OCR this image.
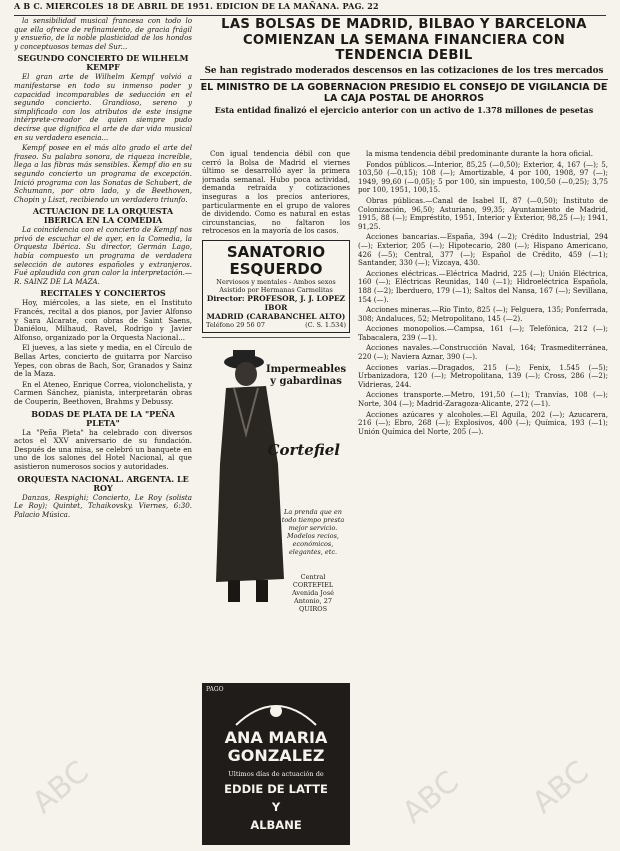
A B C. MIERCOLES 18 DE ABRIL DE 1951. EDICION DE LA MAÑANA. PAG. 22

la sensibilidad musical francesa con todo lo que ella ofrece de refinamiento, de gracia frágil y ensueño, de la noble plasticidad de los hondos y conceptuosos temas del Sur...

SEGUNDO CONCIERTO DE WILHELM KEMPF

El gran arte de Wilhelm Kempf volvió a manifestarse en todo su inmenso poder y capacidad incomparables de seducción en el segundo concierto. Grandioso, sereno y simplificado con los atributos de este insigne intérprete-creador de quien siempre pudo decirse que dignifica el arte de dar vida musical en su verdadera esencia...

Kempf posee en el más alto grado el arte del fraseo. Su palabra sonora, de riqueza increíble, llega a las fibras más sensibles. Kempf dio en su segundo concierto un programa de excepción. Inició programa con las Sonatas de Schubert, de Schumann, por otro lado, y de Beethoven, Chopin y Liszt, recibiendo un verdadero triunfo.

ACTUACION DE LA ORQUESTA IBERICA EN LA COMEDIA

La coincidencia con el concierto de Kempf nos privó de escuchar el de ayer, en la Comedia, la Orquesta Ibérica. Su director, Germán Lago, había compuesto un programa de verdadera selección de autores españoles y extranjeros. Fué aplaudida con gran calor la interpretación.—R. SAINZ DE LA MAZA.

RECITALES Y CONCIERTOS

Hoy, miércoles, a las siete, en el Instituto Francés, recital a dos pianos, por Javier Alfonso y Sara Alcarate, con obras de Saint Saens, Daniélou, Milhaud, Ravel, Rodrigo y Javier Alfonso, organizado por la Orquesta Nacional...

El jueves, a las siete y media, en el Círculo de Bellas Artes, concierto de guitarra por Narciso Yepes, con obras de Bach, Sor, Granados y Sainz de la Maza.

En el Ateneo, Enrique Correa, violonchelista, y Carmen Sánchez, pianista, interpretarán obras de Couperin, Beethoven, Brahms y Debussy.

BODAS DE PLATA DE LA "PEÑA PLETA"

La "Peña Pleta" ha celebrado con diversos actos el XXV aniversario de su fundación. Después de una misa, se celebró un banquete en uno de los salones del Hotel Nacional, al que asistieron numerosos socios y autoridades.

ORQUESTA NACIONAL. ARGENTA. LE ROY

Danzas, Respighi; Concierto, Le Roy (solista Le Roy); Quintet, Tchaikovsky. Viernes, 6:30. Palacio Música.

LAS BOLSAS DE MADRID, BILBAO Y BARCELONA COMIENZAN LA SEMANA FINANCIERA CON TENDENCIA DEBIL
Se han registrado moderados descensos en las cotizaciones de los tres mercados
EL MINISTRO DE LA GOBERNACION PRESIDIO EL CONSEJO DE VIGILANCIA DE LA CAJA POSTAL DE AHORROS
Esta entidad finalizó el ejercicio anterior con un activo de 1.378 millones de pesetas

Con igual tendencia débil con que cerró la Bolsa de Madrid el viernes último se desarrolló ayer la primera jornada semanal. Hubo poca actividad, demanda retraída y cotizaciones inseguras a los precios anteriores, particularmente en el grupo de valores de dividendo. Como es natural en estas circunstancias, no faltaron los retrocesos en la mayoría de los casos.

SANATORIO ESQUERDO
Nerviosos y mentales - Ambos sexos
Asistido por Hermanas Carmelitas
Director: PROFESOR, J. J. LOPEZ IBOR
MADRID (CARABANCHEL ALTO)
Teléfono 29 56 07	(C. S. 1.534)
Impermeables y gabardinas
Cortefiel
La prenda que en todo tiempo presta mejor servicio. Modelos recios, económicos, elegantes, etc.
Central CORTEFIEL Avenida José Antonio, 27 QUIROS
PAGO
ANA MARIA GONZALEZ
Ultimos días de actuación de
EDDIE DE LATTE
Y
ALBANE

la misma tendencia débil predominante durante la hora oficial.

Fondos públicos.—Interior, 85,25 (—0,50); Exterior, 4, 167 (—); 5, 103,50 (—0,15); 108 (—); Amortizable, 4 por 100, 1908, 97 (—); 1949, 99,60 (—0,05); 5 por 100, sin impuesto, 100,50 (—0,25); 3,75 por 100, 1951, 100,15.

Obras públicas.—Canal de Isabel II, 87 (—0,50); Instituto de Colonización, 96,50; Asturiano, 99,35; Ayuntamiento de Madrid, 1915, 88 (—); Empréstito, 1951, Interior y Exterior, 98,25 (—); 1941, 91,25.

Acciones bancarias.—España, 394 (—2); Crédito Industrial, 294 (—); Exterior, 205 (—); Hipotecario, 280 (—); Hispano Americano, 426 (—5); Central, 377 (—); Español de Crédito, 459 (—1); Santander, 330 (—); Vizcaya, 430.

Acciones eléctricas.—Eléctrica Madrid, 225 (—); Unión Eléctrica, 160 (—); Eléctricas Reunidas, 140 (—1); Hidroeléctrica Española, 188 (—2); Iberduero, 179 (—1); Saltos del Nansa, 167 (—); Sevillana, 154 (—).

Acciones mineras.—Río Tinto, 825 (—); Felguera, 135; Ponferrada, 308; Andaluces, 52; Metropolitano, 145 (—2).

Acciones monopolios.—Campsa, 161 (—); Telefónica, 212 (—); Tabacalera, 239 (—1).

Acciones navales.—Construcción Naval, 164; Trasmediterránea, 220 (—); Naviera Aznar, 390 (—).

Acciones varias.—Dragados, 215 (—); Fenix, 1.545 (—5); Urbanizadora, 120 (—); Metropolitana, 139 (—); Cross, 286 (—2); Vidrieras, 244.

Acciones transporte.—Metro, 191,50 (—1); Tranvías, 108 (—); Norte, 304 (—); Madrid-Zaragoza-Alicante, 272 (—1).

Acciones azúcares y alcoholes.—El Aguila, 202 (—); Azucarera, 216 (—); Ebro, 268 (—); Explosivos, 400 (—); Química, 193 (—1); Unión Química del Norte, 205 (—).

ABC	ABC ABC
